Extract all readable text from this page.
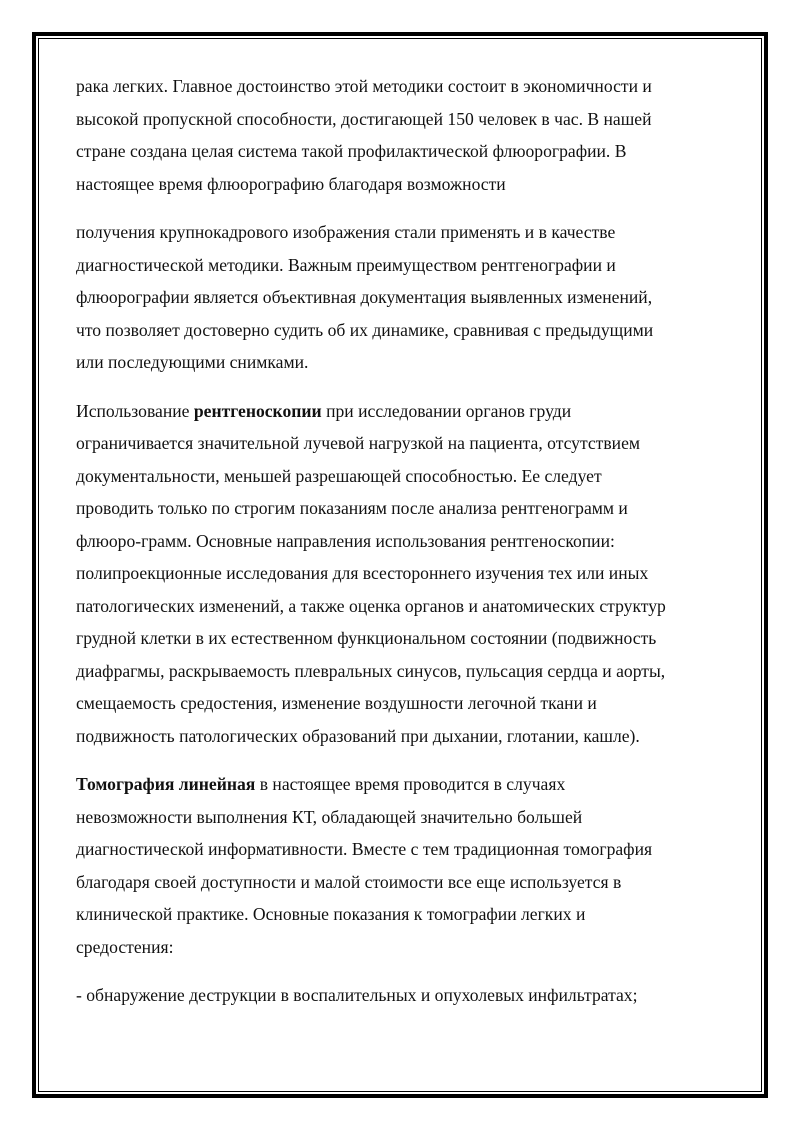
рака легких. Главное достоинство этой методики состоит в экономичности и
высокой пропускной способности, достигающей 150 человек в час. В нашей
стране создана целая система такой профилактической флюорографии. В
настоящее время флюорографию благодаря возможности
получения крупнокадрового изображения стали применять и в качестве
диагностической методики. Важным преимуществом рентгенографии и
флюорографии является объективная документация выявленных изменений,
что позволяет достоверно судить об их динамике, сравнивая с предыдущими
или последующими снимками.
Использование рентгеноскопии при исследовании органов груди
ограничивается значительной лучевой нагрузкой на пациента, отсутствием
документальности, меньшей разрешающей способностью. Ее следует
проводить только по строгим показаниям после анализа рентгенограмм и
флюоро-грамм. Основные направления использования рентгеноскопии:
полипроекционные исследования для всестороннего изучения тех или иных
патологических изменений, а также оценка органов и анатомических структур
грудной клетки в их естественном функциональном состоянии (подвижность
диафрагмы, раскрываемость плевральных синусов, пульсация сердца и аорты,
смещаемость средостения, изменение воздушности легочной ткани и
подвижность патологических образований при дыхании, глотании, кашле).
Томография линейная в настоящее время проводится в случаях
невозможности выполнения КТ, обладающей значительно большей
диагностической информативности. Вместе с тем традиционная томография
благодаря своей доступности и малой стоимости все еще используется в
клинической практике. Основные показания к томографии легких и
средостения:
- обнаружение деструкции в воспалительных и опухолевых инфильтратах;
